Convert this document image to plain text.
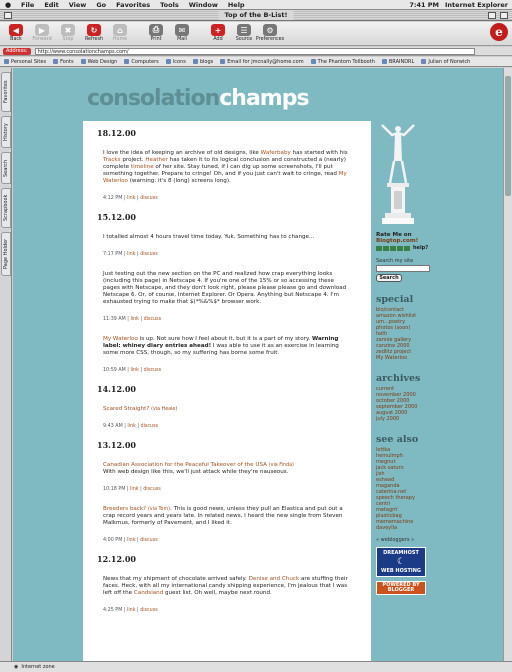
●	File	Edit	View	Go	Favorites	Tools	Window	Help	7:41 PM Internet Explorer
Top of the B-List!
◀
Back
▶
Forward
✖
Stop
↻
Refresh
⌂
Home
⎙
Print
✉
Mail
+
Add
☰
Source
⚙
Preferences
e
Address:	http://www.consolationchamps.com/
Personal Sites	Fonts	Web Design	Computers	Icons	blogs	Email for jmcnally@home.com	The Phantom Tollbooth	BRAINDRL	Julian of Norwich
Favorites
History
Search
Scrapbook
Page Holder
consolationchamps
18.12.00
I love the idea of keeping an archive of old designs, like Waferbaby has started with his Tracks project. Heather has taken it to its logical conclusion and constructed a (nearly) complete timeline of her site. Stay tuned, if I can dig up some screenshots, I'll put something together. Prepare to cringe! Oh, and if you just can't wait to cringe, read My Waterloo (warning: it's 8 (long) screens long).
4:12 PM | link | discuss
15.12.00
I totalled almost 4 hours travel time today. Yuk. Something has to change...
7:17 PM | link | discuss
Just testing out the new section on the PC and realized how crap everything looks (including this page) in Netscape 4. If you're one of the 15% or so accessing these pages with Netscape, and they don't look right, please please please go and download Netscape 6. Or, of course, Internet Explorer. Or Opera. Anything but Netscape 4. I'm exhausted trying to make that $(*%&%$* browser work.
11:39 AM | link | discuss
My Waterloo is up. Not sure how I feel about it, but it is a part of my story. Warning label: whiney diary entries ahead! I was able to use it as an exercise in learning some more CSS, though, so my suffering has borne some fruit.
10:59 AM | link | discuss
14.12.00
Scared Straight? (via Heale)
9:43 AM | link | discuss
13.12.00
Canadian Association for the Peaceful Takeover of the USA (via Finda)
With web design like this, we'll just attack while they're nauseous.
10:18 PM | link | discuss
Breeders back? (via Tom). This is good news, unless they pull an Elastica and put out a crap record years and years late. In related news, I heard the new single from Steven Malkmus, formerly of Pavement, and I liked it.
4:00 PM | link | discuss
12.12.00
News that my shipment of chocolate arrived safely. Denise and Chuck are stuffing their faces. Heck, with all my international candy shipping experience, I'm jealous that I was left off the Candsland guest list. Oh well, maybe next round.
4:25 PM | link | discuss
Rate Me on
Blogtop.com!
help?
Search my site
Search
special
bio/contact
amazon wishlist
um...poetry
photos (soon)
faith
zannie gallery
canzine 2000
zedlitz project
My Waterloo
archives
current
november 2000
october 2000
september 2000
august 2000
july 2000
see also
lottka
hemulmph
megnut
jack saturn
jish
eshead
maganda
caterina.net
speech therapy
centri
metagrrl
plasticbag
mememachine
daveylla
« webloggers »
DREAMHOST
☾
WEB HOSTING
POWERED BY
BLOGGER
◉ Internet zone
